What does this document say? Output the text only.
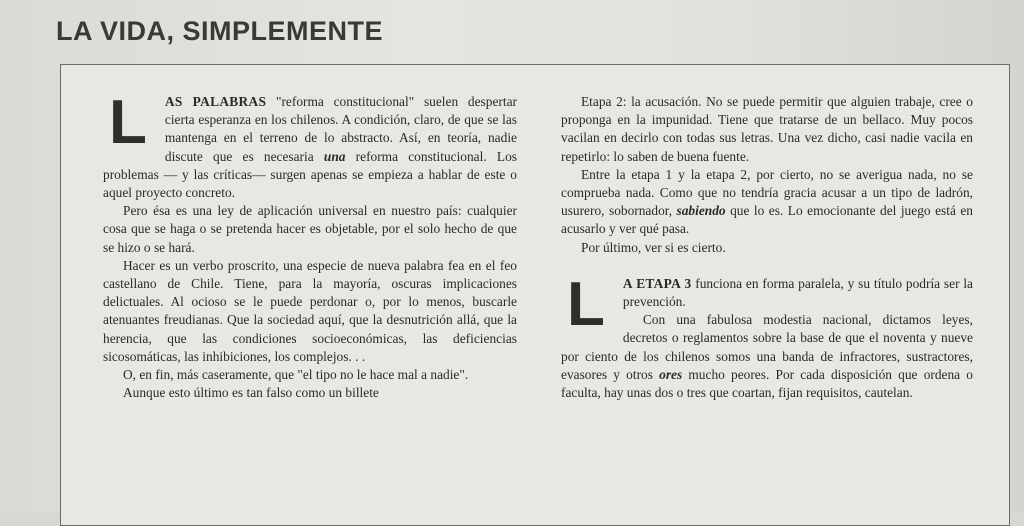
LA VIDA, SIMPLEMENTE

L AS PALABRAS "reforma constitucional" suelen despertar cierta esperanza en los chilenos. A condición, claro, de que se las mantenga en el terreno de lo abstracto. Así, en teoría, nadie discute que es necesaria una reforma constitucional. Los problemas — y las críticas— surgen apenas se empieza a hablar de este o aquel proyecto concreto.

Pero ésa es una ley de aplicación universal en nuestro país: cualquier cosa que se haga o se pretenda hacer es objetable, por el solo hecho de que se hizo o se hará.

Hacer es un verbo proscrito, una especie de nueva palabra fea en el feo castellano de Chile. Tiene, para la mayoría, oscuras implicaciones delictuales. Al ocioso se le puede perdonar o, por lo menos, buscarle atenuantes freudianas. Que la sociedad aquí, que la desnutrición allá, que la herencia, que las condiciones socioeconómicas, las deficiencias sicosomáticas, las inhibiciones, los complejos. . .

O, en fin, más caseramente, que "el tipo no le hace mal a nadie".

Aunque esto último es tan falso como un billete

Etapa 2: la acusación. No se puede permitir que alguien trabaje, cree o proponga en la impunidad. Tiene que tratarse de un bellaco. Muy pocos vacilan en decirlo con todas sus letras. Una vez dicho, casi nadie vacila en repetirlo: lo saben de buena fuente.

Entre la etapa 1 y la etapa 2, por cierto, no se averigua nada, no se comprueba nada. Como que no tendría gracia acusar a un tipo de ladrón, usurero, sobornador, sabiendo que lo es. Lo emocionante del juego está en acusarlo y ver qué pasa.

Por último, ver si es cierto.

L A ETAPA 3 funciona en forma paralela, y su título podría ser la prevención.

Con una fabulosa modestia nacional, dictamos leyes, decretos o reglamentos sobre la base de que el noventa y nueve por ciento de los chilenos somos una banda de infractores, sustractores, evasores y otros ores mucho peores. Por cada disposición que ordena o faculta, hay unas dos o tres que coartan, fijan requisitos, cautelan.
